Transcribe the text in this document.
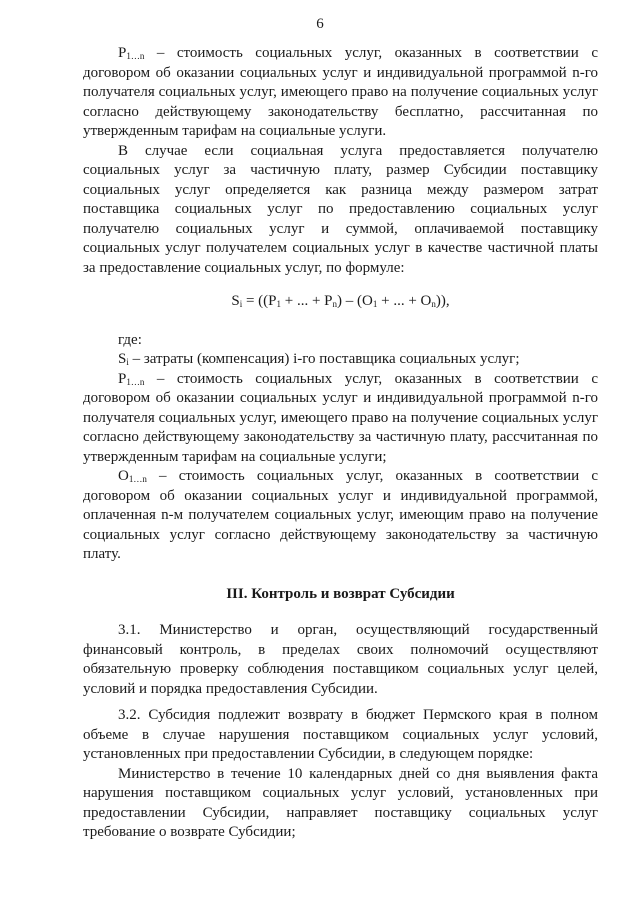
6

$P_{1\dots n}$ – стоимость социальных услуг, оказанных в соответствии с договором об оказании социальных услуг и индивидуальной программой n-го получателя социальных услуг, имеющего право на получение социальных услуг согласно действующему законодательству бесплатно, рассчитанная по утвержденным тарифам на социальные услуги.

В случае если социальная услуга предоставляется получателю социальных услуг за частичную плату, размер Субсидии поставщику социальных услуг определяется как разница между размером затрат поставщика социальных услуг по предоставлению социальных услуг получателю социальных услуг и суммой, оплачиваемой поставщику социальных услуг получателем социальных услуг в качестве частичной платы за предоставление социальных услуг, по формуле:

$S_i = ((P_1$ + ... + $P_n) - (O_1$ + ... + $O_n$)),

где:

$S_i$ – затраты (компенсация) i-го поставщика социальных услуг;

$P_{1\dots n}$ – стоимость социальных услуг, оказанных в соответствии с договором об оказании социальных услуг и индивидуальной программой n-го получателя социальных услуг, имеющего право на получение социальных услуг согласно действующему законодательству за частичную плату, рассчитанная по утвержденным тарифам на социальные услуги;

$O_{1\dots n}$ – стоимость социальных услуг, оказанных в соответствии с договором об оказании социальных услуг и индивидуальной программой, оплаченная n-м получателем социальных услуг, имеющим право на получение социальных услуг согласно действующему законодательству за частичную плату.

III. Контроль и возврат Субсидии

3.1. Министерство и орган, осуществляющий государственный финансовый контроль, в пределах своих полномочий осуществляют обязательную проверку соблюдения поставщиком социальных услуг целей, условий и порядка предоставления Субсидии.

3.2. Субсидия подлежит возврату в бюджет Пермского края в полном объеме в случае нарушения поставщиком социальных услуг условий, установленных при предоставлении Субсидии, в следующем порядке:

Министерство в течение 10 календарных дней со дня выявления факта нарушения поставщиком социальных услуг условий, установленных при предоставлении Субсидии, направляет поставщику социальных услуг требование о возврате Субсидии;
